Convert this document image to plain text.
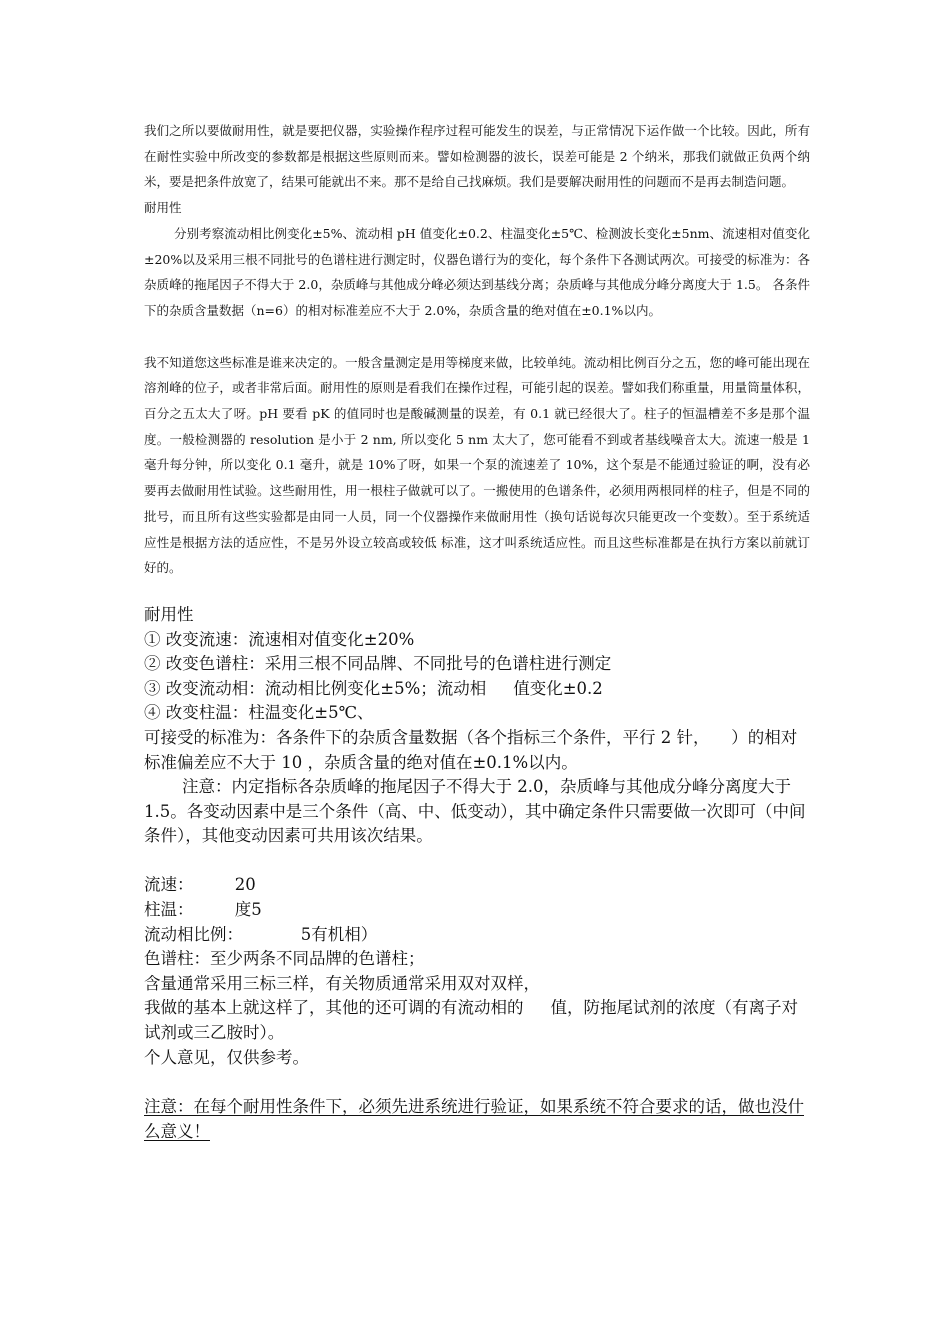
我们之所以要做耐用性，就是要把仪器，实验操作程序过程可能发生的误差，与正常情况下运作做一个比较。因此，所有在耐性实验中所改变的参数都是根据这些原则而来。譬如检测器的波长，误差可能是 2 个纳米，那我们就做正负两个纳米，要是把条件放宽了，结果可能就出不来。那不是给自己找麻烦。我们是要解决耐用性的问题而不是再去制造问题。

耐用性

分别考察流动相比例变化±5%、流动相 pH 值变化±0.2、柱温变化±5℃、检测波长变化±5nm、流速相对值变化±20%以及采用三根不同批号的色谱柱进行测定时，仪器色谱行为的变化，每个条件下各测试两次。可接受的标准为：各杂质峰的拖尾因子不得大于 2.0，杂质峰与其他成分峰必须达到基线分离；杂质峰与其他成分峰分离度大于 1.5。 各条件下的杂质含量数据（n=6）的相对标准差应不大于 2.0%，杂质含量的绝对值在±0.1%以内。

我不知道您这些标准是谁来决定的。一般含量测定是用等梯度来做，比较单纯。流动相比例百分之五，您的峰可能出现在溶剂峰的位子，或者非常后面。耐用性的原则是看我们在操作过程，可能引起的误差。譬如我们称重量，用量筒量体积，百分之五太大了呀。pH 要看 pK 的值同时也是酸碱测量的误差，有 0.1 就已经很大了。柱子的恒温槽差不多是那个温度。一般检测器的 resolution 是小于 2 nm, 所以变化 5 nm 太大了，您可能看不到或者基线噪音太大。流速一般是 1 毫升每分钟，所以变化 0.1 毫升，就是 10%了呀，如果一个泵的流速差了 10%，这个泵是不能通过验证的啊，没有必要再去做耐用性试验。这些耐用性，用一根柱子做就可以了。一搬使用的色谱条件，必须用两根同样的柱子，但是不同的批号，而且所有这些实验都是由同一人员，同一个仪器操作来做耐用性（换句话说每次只能更改一个变数）。至于系统适应性是根据方法的适应性，不是另外设立较高或较低 标准，这才叫系统适应性。而且这些标准都是在执行方案以前就订好的。

耐用性

① 改变流速：流速相对值变化±20%

② 改变色谱柱：采用三根不同品牌、不同批号的色谱柱进行测定

③ 改变流动相：流动相比例变化±5%；流动相 　 值变化±0.2

④ 改变柱温：柱温变化±5℃、

可接受的标准为：各条件下的杂质含量数据（各个指标三个条件，平行 2 针， 　）的相对标准偏差应不大于 10 ，杂质含量的绝对值在±0.1%以内。

注意：内定指标各杂质峰的拖尾因子不得大于 2.0，杂质峰与其他成分峰分离度大于 1.5。各变动因素中是三个条件（高、中、低变动），其中确定条件只需要做一次即可（中间条件），其他变动因素可共用该次结果。

流速：　　　20

柱温：　　　度5

流动相比例：　　　　5有机相）

色谱柱：至少两条不同品牌的色谱柱；

含量通常采用三标三样，有关物质通常采用双对双样，

我做的基本上就这样了，其他的还可调的有流动相的 　 值，防拖尾试剂的浓度（有离子对试剂或三乙胺时）。

个人意见，仅供参考。

注意：在每个耐用性条件下，必须先进系统进行验证，如果系统不符合要求的话，做也没什么意义！
